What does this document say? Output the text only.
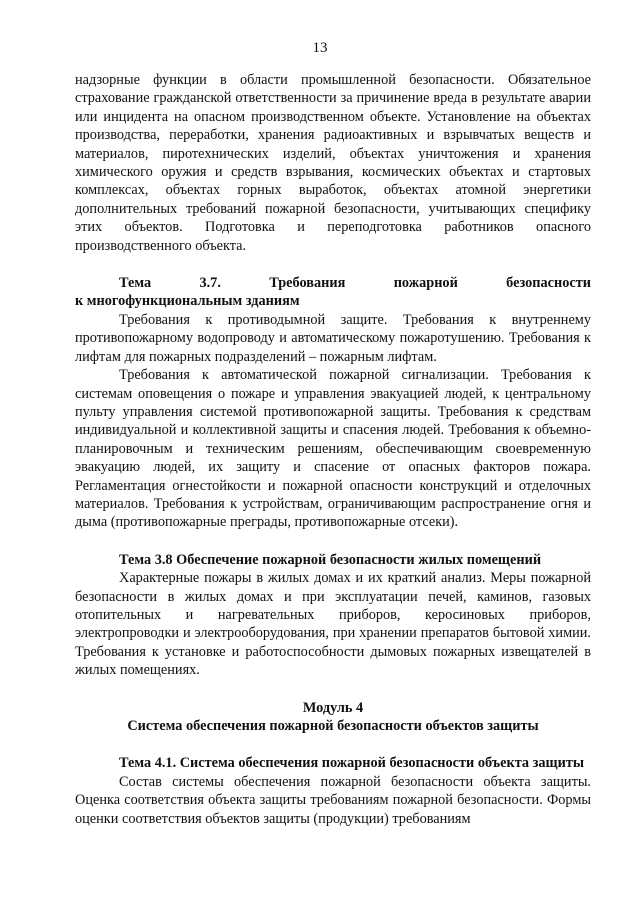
13

надзорные функции в области промышленной безопасности. Обязательное страхование гражданской ответственности за причинение вреда в результате аварии или инцидента на опасном производственном объекте. Установление на объектах производства, переработки, хранения радиоактивных и взрывчатых веществ и материалов, пиротехнических изделий, объектах уничтожения и хранения химического оружия и средств взрывания, космических объектах и стартовых комплексах, объектах горных выработок, объектах атомной энергетики дополнительных требований пожарной безопасности, учитывающих специфику этих объектов. Подготовка и переподготовка работников опасного производственного объекта.

Тема 3.7. Требования пожарной безопасности

к многофункциональным зданиям

Требования к противодымной защите. Требования к внутреннему противопожарному водопроводу и автоматическому пожаротушению. Требования к лифтам для пожарных подразделений – пожарным лифтам.

Требования к автоматической пожарной сигнализации. Требования к системам оповещения о пожаре и управления эвакуацией людей, к центральному пульту управления системой противопожарной защиты. Требования к средствам индивидуальной и коллективной защиты и спасения людей. Требования к объемно-планировочным и техническим решениям, обеспечивающим своевременную эвакуацию людей, их защиту и спасение от опасных факторов пожара. Регламентация огнестойкости и пожарной опасности конструкций и отделочных материалов. Требования к устройствам, ограничивающим распространение огня и дыма (противопожарные преграды, противопожарные отсеки).

Тема 3.8 Обеспечение пожарной безопасности жилых помещений

Характерные пожары в жилых домах и их краткий анализ. Меры пожарной безопасности в жилых домах и при эксплуатации печей, каминов, газовых отопительных и нагревательных приборов, керосиновых приборов, электропроводки и электрооборудования, при хранении препаратов бытовой химии. Требования к установке и работоспособности дымовых пожарных извещателей в жилых помещениях.

Модуль 4

Система обеспечения пожарной безопасности объектов защиты

Тема 4.1. Система обеспечения пожарной безопасности объекта защиты

Состав системы обеспечения пожарной безопасности объекта защиты. Оценка соответствия объекта защиты требованиям пожарной безопасности. Формы оценки соответствия объектов защиты (продукции) требованиям
